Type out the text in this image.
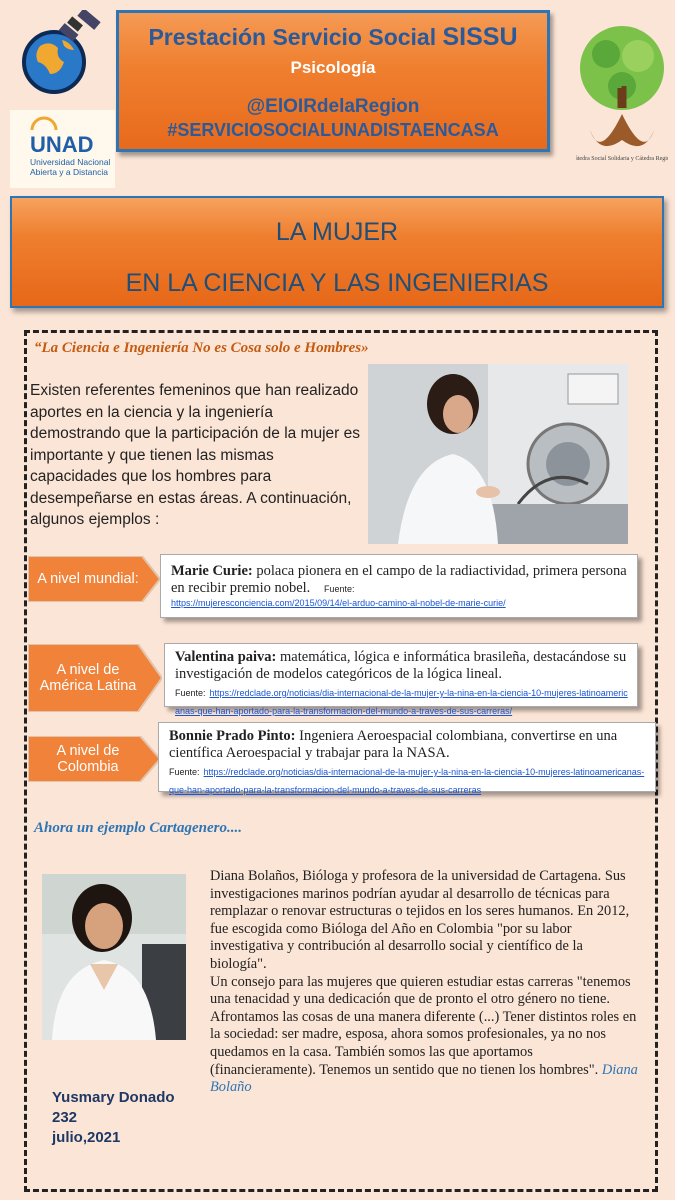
UNAD
Universidad Nacional
Abierta y a Distancia
Cátedra Social Solidaria y Cátedra Región
Prestación Servicio Social SISSU
Psicología
@ElOIRdelaRegion
#SERVICIOSOCIALUNADISTAENCASA
LA MUJER
EN LA CIENCIA Y LAS INGENIERIAS
“La Ciencia e Ingeniería No es Cosa solo e Hombres»
Existen referentes femeninos que han realizado aportes en la ciencia y la ingeniería demostrando que la participación de la mujer es importante y que tienen las mismas capacidades que los hombres para desempeñarse en estas áreas. A continuación, algunos ejemplos :
A nivel mundial:	Marie Curie: polaca pionera en el campo de la radiactividad, primera persona en recibir premio nobel. Fuente:
https://mujeresconciencia.com/2015/09/14/el-arduo-camino-al-nobel-de-marie-curie/
A nivel de América Latina
Valentina paiva: matemática, lógica e informática brasileña, destacándose su investigación de modelos categóricos de la lógica lineal.
Fuente: https://redclade.org/noticias/dia-internacional-de-la-mujer-y-la-nina-en-la-ciencia-10-mujeres-latinoamericanas-que-han-aportado-para-la-transformacion-del-mundo-a-traves-de-sus-carreras/
A nivel de Colombia
Bonnie Prado Pinto: Ingeniera Aeroespacial colombiana, convertirse en una científica Aeroespacial y trabajar para la NASA.
Fuente: https://redclade.org/noticias/dia-internacional-de-la-mujer-y-la-nina-en-la-ciencia-10-mujeres-latinoamericanas-que-han-aportado-para-la-transformacion-del-mundo-a-traves-de-sus-carreras
Ahora un ejemplo Cartagenero....
Diana Bolaños, Bióloga y profesora de la universidad de Cartagena. Sus investigaciones marinos podrían ayudar al desarrollo de técnicas para remplazar o renovar estructuras o tejidos en los seres humanos. En 2012, fue escogida como Bióloga del Año en Colombia "por su labor investigativa y contribución al desarrollo social y científico de la biología".
Un consejo para las mujeres que quieren estudiar estas carreras "tenemos una tenacidad y una dedicación que de pronto el otro género no tiene. Afrontamos las cosas de una manera diferente (...) Tener distintos roles en la sociedad: ser madre, esposa, ahora somos profesionales, ya no nos quedamos en la casa. También somos las que aportamos (financieramente). Tenemos un sentido que no tienen los hombres". Diana Bolaño
Yusmary Donado
232
julio,2021
